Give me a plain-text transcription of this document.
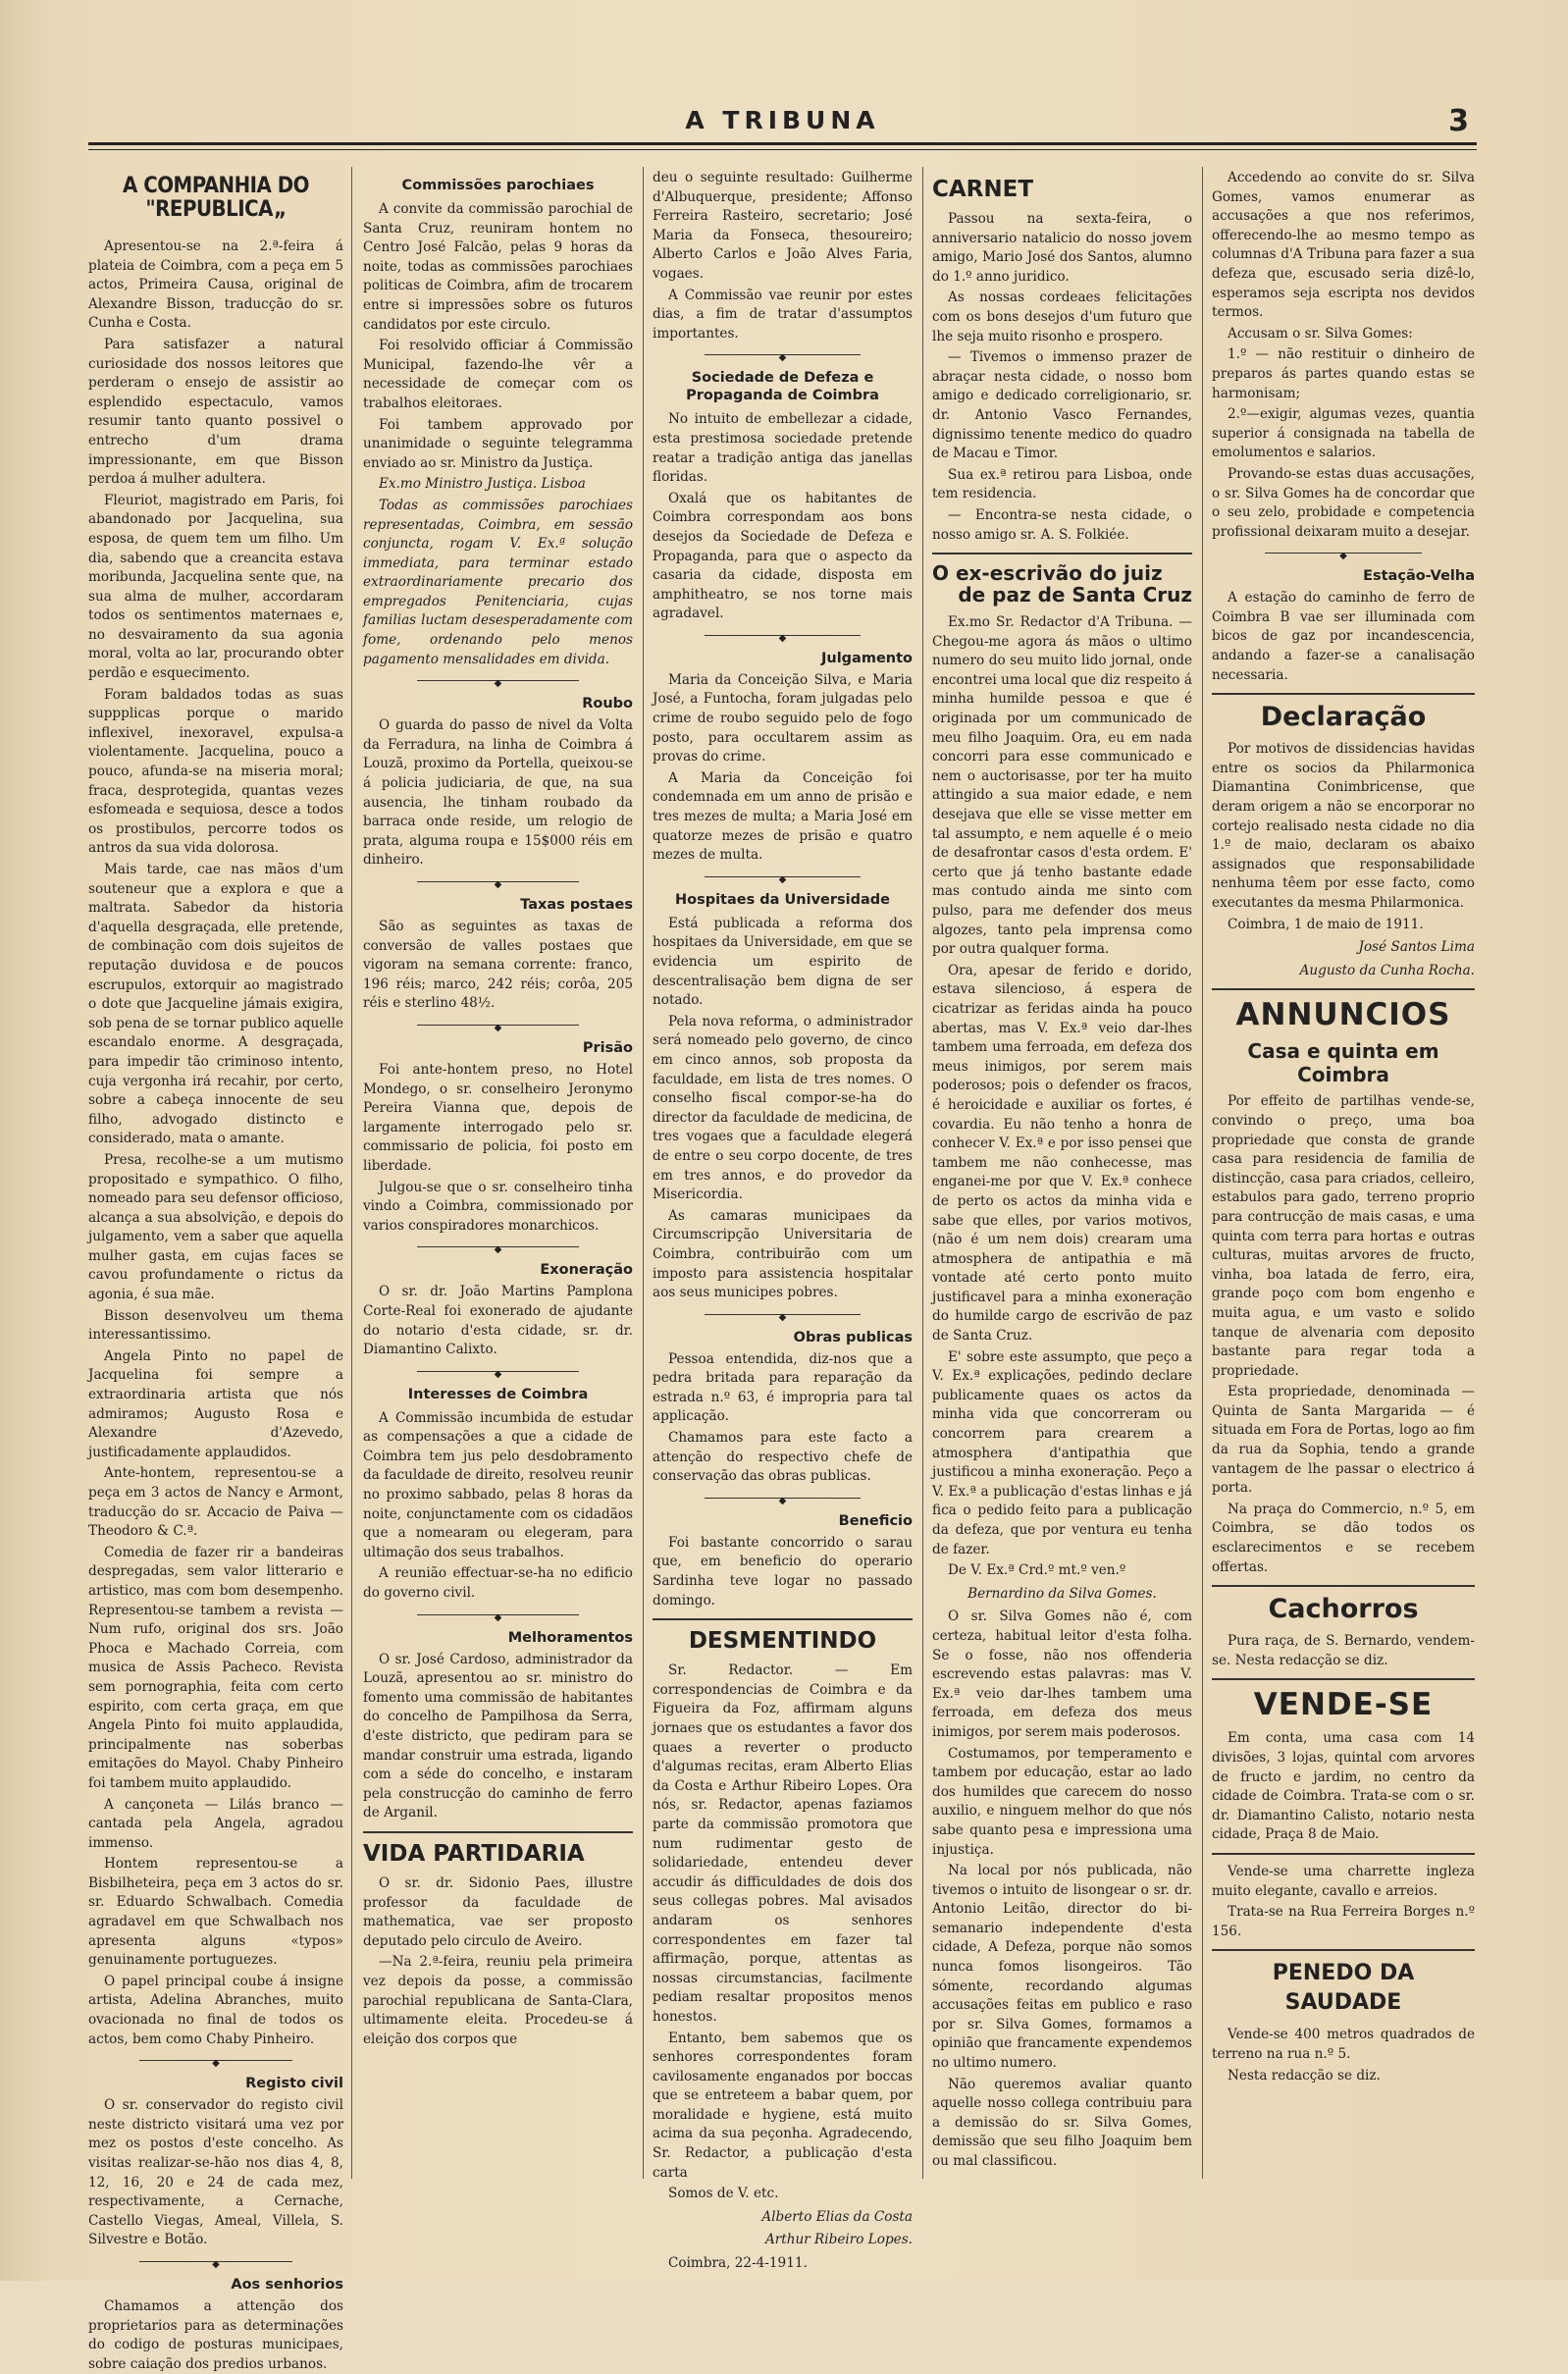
A TRIBUNA	3
A COMPANHIA DO "REPUBLICA„

Apresentou-se na 2.ª-feira á plateia de Coimbra, com a peça em 5 actos, Primeira Causa, original de Alexandre Bisson, traducção do sr. Cunha e Costa.

Para satisfazer a natural curiosidade dos nossos leitores que perderam o ensejo de assistir ao esplendido espectaculo, vamos resumir tanto quanto possivel o entrecho d'um drama impressionante, em que Bisson perdoa á mulher adultera.

Fleuriot, magistrado em Paris, foi abandonado por Jacquelina, sua esposa, de quem tem um filho. Um dia, sabendo que a creancita estava moribunda, Jacquelina sente que, na sua alma de mulher, accordaram todos os sentimentos maternaes e, no desvairamento da sua agonia moral, volta ao lar, procurando obter perdão e esquecimento.

Foram baldados todas as suas suppplicas porque o marido inflexivel, inexoravel, expulsa-a violentamente. Jacquelina, pouco a pouco, afunda-se na miseria moral; fraca, desprotegida, quantas vezes esfomeada e sequiosa, desce a todos os prostibulos, percorre todos os antros da sua vida dolorosa.

Mais tarde, cae nas mãos d'um souteneur que a explora e que a maltrata. Sabedor da historia d'aquella desgraçada, elle pretende, de combinação com dois sujeitos de reputação duvidosa e de poucos escrupulos, extorquir ao magistrado o dote que Jacqueline jámais exigira, sob pena de se tornar publico aquelle escandalo enorme. A desgraçada, para impedir tão criminoso intento, cuja vergonha irá recahir, por certo, sobre a cabeça innocente de seu filho, advogado distincto e considerado, mata o amante.

Presa, recolhe-se a um mutismo propositado e sympathico. O filho, nomeado para seu defensor officioso, alcança a sua absolvição, e depois do julgamento, vem a saber que aquella mulher gasta, em cujas faces se cavou profundamente o rictus da agonia, é sua mãe.

Bisson desenvolveu um thema interessantissimo.

Angela Pinto no papel de Jacquelina foi sempre a extraordinaria artista que nós admiramos; Augusto Rosa e Alexandre d'Azevedo, justificadamente applaudidos.

Ante-hontem, representou-se a peça em 3 actos de Nancy e Armont, traducção do sr. Accacio de Paiva — Theodoro & C.ª.

Comedia de fazer rir a bandeiras despregadas, sem valor litterario e artistico, mas com bom desempenho. Representou-se tambem a revista — Num rufo, original dos srs. João Phoca e Machado Correia, com musica de Assis Pacheco. Revista sem pornographia, feita com certo espirito, com certa graça, em que Angela Pinto foi muito applaudida, principalmente nas soberbas emitações do Mayol. Chaby Pinheiro foi tambem muito applaudido.

A cançoneta — Lilás branco — cantada pela Angela, agradou immenso.

Hontem representou-se a Bisbilheteira, peça em 3 actos do sr. sr. Eduardo Schwalbach. Comedia agradavel em que Schwalbach nos apresenta alguns «typos» genuinamente portuguezes.

O papel principal coube á insigne artista, Adelina Abranches, muito ovacionada no final de todos os actos, bem como Chaby Pinheiro.

◆
Registo civil

O sr. conservador do registo civil neste districto visitará uma vez por mez os postos d'este concelho. As visitas realizar-se-hão nos dias 4, 8, 12, 16, 20 e 24 de cada mez, respectivamente, a Cernache, Castello Viegas, Ameal, Villela, S. Silvestre e Botão.

◆
Aos senhorios

Chamamos a attenção dos proprietarios para as determinações do codigo de posturas municipaes, sobre caiação dos predios urbanos.

Commissões parochiaes

A convite da commissão parochial de Santa Cruz, reuniram hontem no Centro José Falcão, pelas 9 horas da noite, todas as commissões parochiaes politicas de Coimbra, afim de trocarem entre si impressões sobre os futuros candidatos por este circulo.

Foi resolvido officiar á Commissão Municipal, fazendo-lhe vêr a necessidade de começar com os trabalhos eleitoraes.

Foi tambem approvado por unanimidade o seguinte telegramma enviado ao sr. Ministro da Justiça.

Ex.mo Ministro Justiça. Lisboa

Todas as commissões parochiaes representadas, Coimbra, em sessão conjuncta, rogam V. Ex.ª solução immediata, para terminar estado extraordinariamente precario dos empregados Penitenciaria, cujas familias luctam desesperadamente com fome, ordenando pelo menos pagamento mensalidades em divida.

◆
Roubo

O guarda do passo de nivel da Volta da Ferradura, na linha de Coimbra á Louzã, proximo da Portella, queixou-se á policia judiciaria, de que, na sua ausencia, lhe tinham roubado da barraca onde reside, um relogio de prata, alguma roupa e 15$000 réis em dinheiro.

◆
Taxas postaes

São as seguintes as taxas de conversão de valles postaes que vigoram na semana corrente: franco, 196 réis; marco, 242 réis; corôa, 205 réis e sterlino 48½.

◆
Prisão

Foi ante-hontem preso, no Hotel Mondego, o sr. conselheiro Jeronymo Pereira Vianna que, depois de largamente interrogado pelo sr. commissario de policia, foi posto em liberdade.

Julgou-se que o sr. conselheiro tinha vindo a Coimbra, commissionado por varios conspiradores monarchicos.

◆
Exoneração

O sr. dr. João Martins Pamplona Corte-Real foi exonerado de ajudante do notario d'esta cidade, sr. dr. Diamantino Calixto.

◆
Interesses de Coimbra

A Commissão incumbida de estudar as compensações a que a cidade de Coimbra tem jus pelo desdobramento da faculdade de direito, resolveu reunir no proximo sabbado, pelas 8 horas da noite, conjunctamente com os cidadãos que a nomearam ou elegeram, para ultimação dos seus trabalhos.

A reunião effectuar-se-ha no edificio do governo civil.

◆
Melhoramentos

O sr. José Cardoso, administrador da Louzã, apresentou ao sr. ministro do fomento uma commissão de habitantes do concelho de Pampilhosa da Serra, d'este districto, que pediram para se mandar construir uma estrada, ligando com a séde do concelho, e instaram pela construcção do caminho de ferro de Arganil.

VIDA PARTIDARIA

O sr. dr. Sidonio Paes, illustre professor da faculdade de mathematica, vae ser proposto deputado pelo circulo de Aveiro.

—Na 2.ª-feira, reuniu pela primeira vez depois da posse, a commissão parochial republicana de Santa-Clara, ultimamente eleita. Procedeu-se á eleição dos corpos que

deu o seguinte resultado: Guilherme d'Albuquerque, presidente; Affonso Ferreira Rasteiro, secretario; José Maria da Fonseca, thesoureiro; Alberto Carlos e João Alves Faria, vogaes.

A Commissão vae reunir por estes dias, a fim de tratar d'assumptos importantes.

◆
Sociedade de Defeza e Propaganda de Coimbra

No intuito de embellezar a cidade, esta prestimosa sociedade pretende reatar a tradição antiga das janellas floridas.

Oxalá que os habitantes de Coimbra correspondam aos bons desejos da Sociedade de Defeza e Propaganda, para que o aspecto da casaria da cidade, disposta em amphitheatro, se nos torne mais agradavel.

◆
Julgamento

Maria da Conceição Silva, e Maria José, a Funtocha, foram julgadas pelo crime de roubo seguido pelo de fogo posto, para occultarem assim as provas do crime.

A Maria da Conceição foi condemnada em um anno de prisão e tres mezes de multa; a Maria José em quatorze mezes de prisão e quatro mezes de multa.

◆
Hospitaes da Universidade

Está publicada a reforma dos hospitaes da Universidade, em que se evidencia um espirito de descentralisação bem digna de ser notado.

Pela nova reforma, o administrador será nomeado pelo governo, de cinco em cinco annos, sob proposta da faculdade, em lista de tres nomes. O conselho fiscal compor-se-ha do director da faculdade de medicina, de tres vogaes que a faculdade elegerá de entre o seu corpo docente, de tres em tres annos, e do provedor da Misericordia.

As camaras municipaes da Circumscripção Universitaria de Coimbra, contribuirão com um imposto para assistencia hospitalar aos seus municipes pobres.

◆
Obras publicas

Pessoa entendida, diz-nos que a pedra britada para reparação da estrada n.º 63, é impropria para tal applicação.

Chamamos para este facto a attenção do respectivo chefe de conservação das obras publicas.

◆
Beneficio

Foi bastante concorrido o sarau que, em beneficio do operario Sardinha teve logar no passado domingo.

DESMENTINDO

Sr. Redactor. — Em correspondencias de Coimbra e da Figueira da Foz, affirmam alguns jornaes que os estudantes a favor dos quaes a reverter o producto d'algumas recitas, eram Alberto Elias da Costa e Arthur Ribeiro Lopes. Ora nós, sr. Redactor, apenas faziamos parte da commissão promotora que num rudimentar gesto de solidariedade, entendeu dever accudir ás difficuldades de dois dos seus collegas pobres. Mal avisados andaram os senhores correspondentes em fazer tal affirmação, porque, attentas as nossas circumstancias, facilmente pediam resaltar propositos menos honestos.

Entanto, bem sabemos que os senhores correspondentes foram cavilosamente enganados por boccas que se entreteem a babar quem, por moralidade e hygiene, está muito acima da sua peçonha. Agradecendo, Sr. Redactor, a publicação d'esta carta

Somos de V. etc.

Alberto Elias da Costa
Arthur Ribeiro Lopes.

Coimbra, 22-4-1911.

CARNET

Passou na sexta-feira, o anniversario natalicio do nosso jovem amigo, Mario José dos Santos, alumno do 1.º anno juridico.

As nossas cordeaes felicitações com os bons desejos d'um futuro que lhe seja muito risonho e prospero.

— Tivemos o immenso prazer de abraçar nesta cidade, o nosso bom amigo e dedicado correligionario, sr. dr. Antonio Vasco Fernandes, dignissimo tenente medico do quadro de Macau e Timor.

Sua ex.ª retirou para Lisboa, onde tem residencia.

— Encontra-se nesta cidade, o nosso amigo sr. A. S. Folkiée.

O ex-escrivão do juiz
de paz de Santa Cruz

Ex.mo Sr. Redactor d'A Tribuna. — Chegou-me agora ás mãos o ultimo numero do seu muito lido jornal, onde encontrei uma local que diz respeito á minha humilde pessoa e que é originada por um communicado de meu filho Joaquim. Ora, eu em nada concorri para esse communicado e nem o auctorisasse, por ter ha muito attingido a sua maior edade, e nem desejava que elle se visse metter em tal assumpto, e nem aquelle é o meio de desafrontar casos d'esta ordem. E' certo que já tenho bastante edade mas contudo ainda me sinto com pulso, para me defender dos meus algozes, tanto pela imprensa como por outra qualquer forma.

Ora, apesar de ferido e dorido, estava silencioso, á espera de cicatrizar as feridas ainda ha pouco abertas, mas V. Ex.ª veio dar-lhes tambem uma ferroada, em defeza dos meus inimigos, por serem mais poderosos; pois o defender os fracos, é heroicidade e auxiliar os fortes, é covardia. Eu não tenho a honra de conhecer V. Ex.ª e por isso pensei que tambem me não conhecesse, mas enganei-me por que V. Ex.ª conhece de perto os actos da minha vida e sabe que elles, por varios motivos, (não é um nem dois) crearam uma atmosphera de antipathia e mã vontade até certo ponto muito justificavel para a minha exoneração do humilde cargo de escrivão de paz de Santa Cruz.

E' sobre este assumpto, que peço a V. Ex.ª explicações, pedindo declare publicamente quaes os actos da minha vida que concorreram ou concorrem para crearem a atmosphera d'antipathia que justificou a minha exoneração. Peço a V. Ex.ª a publicação d'estas linhas e já fica o pedido feito para a publicação da defeza, que por ventura eu tenha de fazer.

De V. Ex.ª Crd.º mt.º ven.º

Bernardino da Silva Gomes.

O sr. Silva Gomes não é, com certeza, habitual leitor d'esta folha. Se o fosse, não nos offenderia escrevendo estas palavras: mas V. Ex.ª veio dar-lhes tambem uma ferroada, em defeza dos meus inimigos, por serem mais poderosos.

Costumamos, por temperamento e tambem por educação, estar ao lado dos humildes que carecem do nosso auxilio, e ninguem melhor do que nós sabe quanto pesa e impressiona uma injustiça.

Na local por nós publicada, não tivemos o intuito de lisongear o sr. dr. Antonio Leitão, director do bi-semanario independente d'esta cidade, A Defeza, porque não somos nunca fomos lisongeiros. Tão sómente, recordando algumas accusações feitas em publico e raso por sr. Silva Gomes, formamos a opinião que francamente expendemos no ultimo numero.

Não queremos avaliar quanto aquelle nosso collega contribuiu para a demissão do sr. Silva Gomes, demissão que seu filho Joaquim bem ou mal classificou.

Accedendo ao convite do sr. Silva Gomes, vamos enumerar as accusações a que nos referimos, offerecendo-lhe ao mesmo tempo as columnas d'A Tribuna para fazer a sua defeza que, escusado seria dizê-lo, esperamos seja escripta nos devidos termos.

Accusam o sr. Silva Gomes:

1.º — não restituir o dinheiro de preparos ás partes quando estas se harmonisam;

2.º—exigir, algumas vezes, quantia superior á consignada na tabella de emolumentos e salarios.

Provando-se estas duas accusações, o sr. Silva Gomes ha de concordar que o seu zelo, probidade e competencia profissional deixaram muito a desejar.

◆
Estação-Velha

A estação do caminho de ferro de Coimbra B vae ser illuminada com bicos de gaz por incandescencia, andando a fazer-se a canalisação necessaria.

Declaração

Por motivos de dissidencias havidas entre os socios da Philarmonica Diamantina Conimbricense, que deram origem a não se encorporar no cortejo realisado nesta cidade no dia 1.º de maio, declaram os abaixo assignados que responsabilidade nenhuma têem por esse facto, como executantes da mesma Philarmonica.

Coimbra, 1 de maio de 1911.

José Santos Lima
Augusto da Cunha Rocha.
ANNUNCIOS
Casa e quinta em Coimbra

Por effeito de partilhas vende-se, convindo o preço, uma boa propriedade que consta de grande casa para residencia de familia de distincção, casa para criados, celleiro, estabulos para gado, terreno proprio para contrucção de mais casas, e uma quinta com terra para hortas e outras culturas, muitas arvores de fructo, vinha, boa latada de ferro, eira, grande poço com bom engenho e muita agua, e um vasto e solido tanque de alvenaria com deposito bastante para regar toda a propriedade.

Esta propriedade, denominada — Quinta de Santa Margarida — é situada em Fora de Portas, logo ao fim da rua da Sophia, tendo a grande vantagem de lhe passar o electrico á porta.

Na praça do Commercio, n.º 5, em Coimbra, se dão todos os esclarecimentos e se recebem offertas.

Cachorros

Pura raça, de S. Bernardo, vendem-se. Nesta redacção se diz.

VENDE-SE

Em conta, uma casa com 14 divisões, 3 lojas, quintal com arvores de fructo e jardim, no centro da cidade de Coimbra. Trata-se com o sr. dr. Diamantino Calisto, notario nesta cidade, Praça 8 de Maio.

Vende-se uma charrette ingleza muito elegante, cavallo e arreios.

Trata-se na Rua Ferreira Borges n.º 156.

PENEDO DA SAUDADE

Vende-se 400 metros quadrados de terreno na rua n.º 5.

Nesta redacção se diz.
